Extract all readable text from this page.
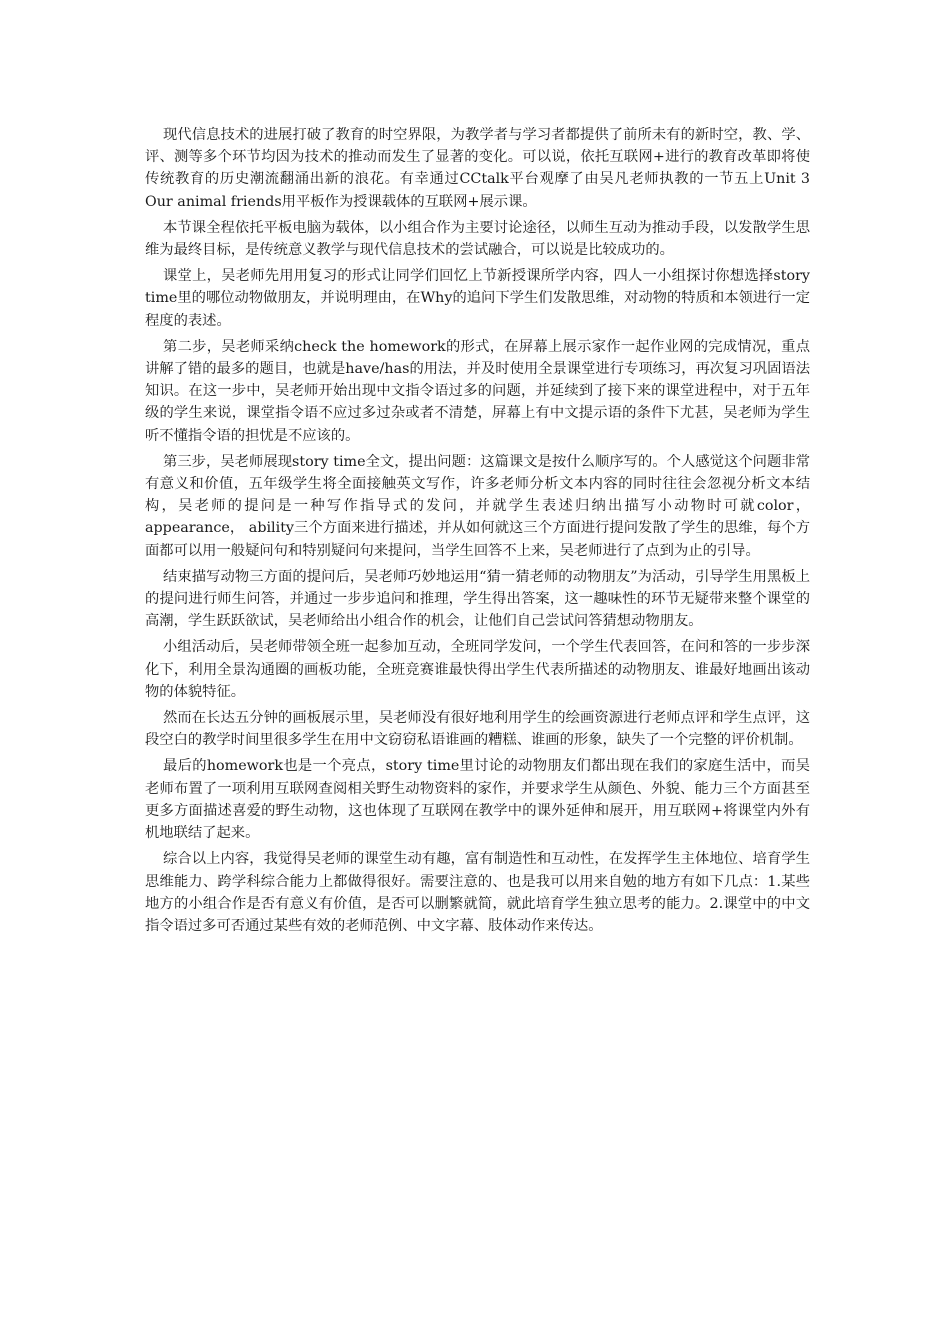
现代信息技术的进展打破了教育的时空界限，为教学者与学习者都提供了前所未有的新时空，教、学、评、测等多个环节均因为技术的推动而发生了显著的变化。可以说，依托互联网+进行的教育改革即将使传统教育的历史潮流翻涌出新的浪花。有幸通过CCtalk平台观摩了由吴凡老师执教的一节五上Unit 3 Our animal friends用平板作为授课载体的互联网+展示课。

本节课全程依托平板电脑为载体，以小组合作为主要讨论途径，以师生互动为推动手段，以发散学生思维为最终目标，是传统意义教学与现代信息技术的尝试融合，可以说是比较成功的。

课堂上，吴老师先用用复习的形式让同学们回忆上节新授课所学内容，四人一小组探讨你想选择story time里的哪位动物做朋友，并说明理由，在Why的追问下学生们发散思维，对动物的特质和本领进行一定程度的表述。

第二步，吴老师采纳check the homework的形式，在屏幕上展示家作一起作业网的完成情况，重点讲解了错的最多的题目，也就是have/has的用法，并及时使用全景课堂进行专项练习，再次复习巩固语法知识。在这一步中，吴老师开始出现中文指令语过多的问题，并延续到了接下来的课堂进程中，对于五年级的学生来说，课堂指令语不应过多过杂或者不清楚，屏幕上有中文提示语的条件下尤甚，吴老师为学生听不懂指令语的担忧是不应该的。

第三步，吴老师展现story time全文，提出问题：这篇课文是按什么顺序写的。个人感觉这个问题非常有意义和价值，五年级学生将全面接触英文写作，许多老师分析文本内容的同时往往会忽视分析文本结构，吴老师的提问是一种写作指导式的发问，并就学生表述归纳出描写小动物时可就color， appearance， ability三个方面来进行描述，并从如何就这三个方面进行提问发散了学生的思维，每个方面都可以用一般疑问句和特别疑问句来提问，当学生回答不上来，吴老师进行了点到为止的引导。

结束描写动物三方面的提问后，吴老师巧妙地运用“猜一猜老师的动物朋友”为活动，引导学生用黑板上的提问进行师生问答，并通过一步步追问和推理，学生得出答案，这一趣味性的环节无疑带来整个课堂的高潮，学生跃跃欲试，吴老师给出小组合作的机会，让他们自己尝试问答猜想动物朋友。

小组活动后，吴老师带领全班一起参加互动，全班同学发问，一个学生代表回答，在问和答的一步步深化下，利用全景沟通圈的画板功能，全班竞赛谁最快得出学生代表所描述的动物朋友、谁最好地画出该动物的体貌特征。

然而在长达五分钟的画板展示里，吴老师没有很好地利用学生的绘画资源进行老师点评和学生点评，这段空白的教学时间里很多学生在用中文窃窃私语谁画的糟糕、谁画的形象，缺失了一个完整的评价机制。

最后的homework也是一个亮点，story time里讨论的动物朋友们都出现在我们的家庭生活中，而吴老师布置了一项利用互联网查阅相关野生动物资料的家作，并要求学生从颜色、外貌、能力三个方面甚至更多方面描述喜爱的野生动物，这也体现了互联网在教学中的课外延伸和展开，用互联网+将课堂内外有机地联结了起来。

综合以上内容，我觉得吴老师的课堂生动有趣，富有制造性和互动性，在发挥学生主体地位、培育学生思维能力、跨学科综合能力上都做得很好。需要注意的、也是我可以用来自勉的地方有如下几点：1.某些地方的小组合作是否有意义有价值，是否可以删繁就简，就此培育学生独立思考的能力。2.课堂中的中文指令语过多可否通过某些有效的老师范例、中文字幕、肢体动作来传达。
